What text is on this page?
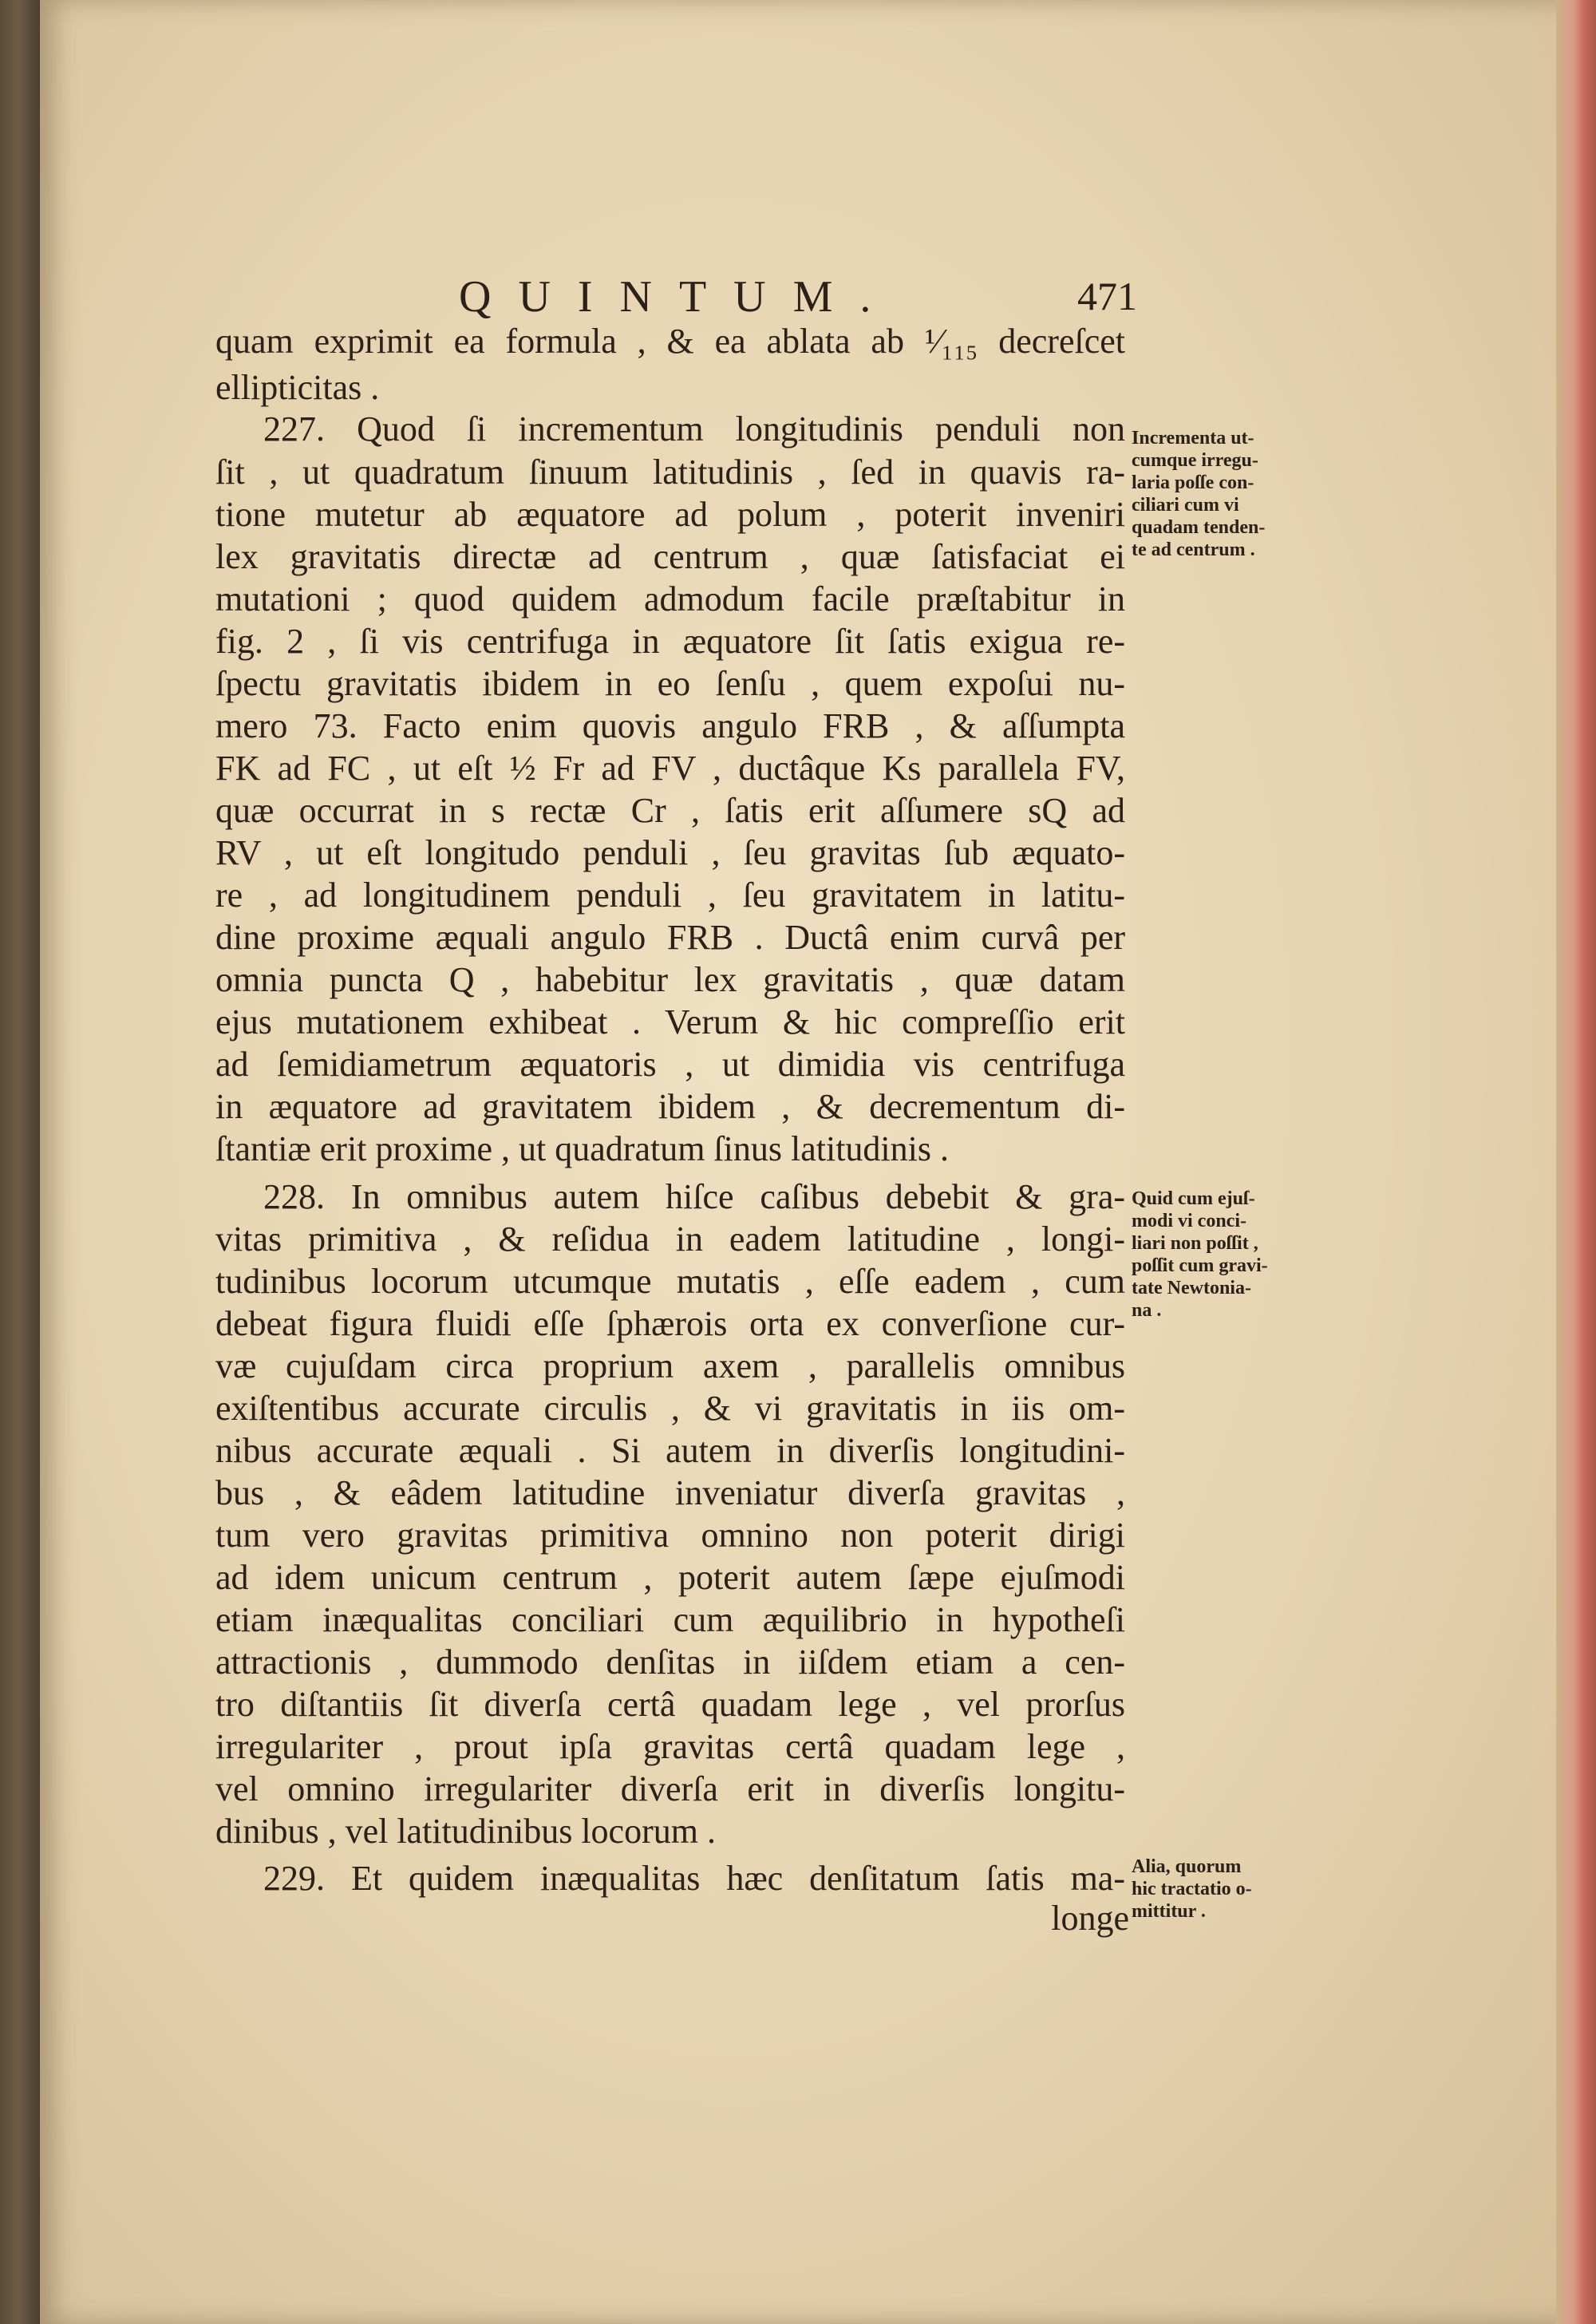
QUINTUM.	471
quam exprimit ea formula , & ea ablata ab ¹⁄₁₁₅ decreſcet
ellipticitas .
227. Quod ſi incrementum longitudinis penduli non
ſit , ut quadratum ſinuum latitudinis , ſed in quavis ra-
tione mutetur ab æquatore ad polum , poterit inveniri
lex gravitatis directæ ad centrum , quæ ſatisfaciat ei
mutationi ; quod quidem admodum facile præſtabitur in
fig. 2 , ſi vis centrifuga in æquatore ſit ſatis exigua re-
ſpectu gravitatis ibidem in eo ſenſu , quem expoſui nu-
mero 73. Facto enim quovis angulo FRB , & aſſumpta
FK ad FC , ut eſt ½ Fr ad FV , ductâque Ks parallela FV,
quæ occurrat in s rectæ Cr , ſatis erit aſſumere sQ ad
RV , ut eſt longitudo penduli , ſeu gravitas ſub æquato-
re , ad longitudinem penduli , ſeu gravitatem in latitu-
dine proxime æquali angulo FRB . Ductâ enim curvâ per
omnia puncta Q , habebitur lex gravitatis , quæ datam
ejus mutationem exhibeat . Verum & hic compreſſio erit
ad ſemidiametrum æquatoris , ut dimidia vis centrifuga
in æquatore ad gravitatem ibidem , & decrementum di-
ſtantiæ erit proxime , ut quadratum ſinus latitudinis .
228. In omnibus autem hiſce caſibus debebit & gra-
vitas primitiva , & reſidua in eadem latitudine , longi-
tudinibus locorum utcumque mutatis , eſſe eadem , cum
debeat figura fluidi eſſe ſphærois orta ex converſione cur-
væ cujuſdam circa proprium axem , parallelis omnibus
exiſtentibus accurate circulis , & vi gravitatis in iis om-
nibus accurate æquali . Si autem in diverſis longitudini-
bus , & eâdem latitudine inveniatur diverſa gravitas ,
tum vero gravitas primitiva omnino non poterit dirigi
ad idem unicum centrum , poterit autem ſæpe ejuſmodi
etiam inæqualitas conciliari cum æquilibrio in hypotheſi
attractionis , dummodo denſitas in iiſdem etiam a cen-
tro diſtantiis ſit diverſa certâ quadam lege , vel prorſus
irregulariter , prout ipſa gravitas certâ quadam lege ,
vel omnino irregulariter diverſa erit in diverſis longitu-
dinibus , vel latitudinibus locorum .
229. Et quidem inæqualitas hæc denſitatum ſatis ma-
longe
Incrementa ut-
cumque irregu-
laria poſſe con-
ciliari cum vi
quadam tenden-
te ad centrum .
Quid cum ejuſ-
modi vi conci-
liari non poſſit ,
poſſit cum gravi-
tate Newtonia-
na .
Alia, quorum
hic tractatio o-
mittitur .
